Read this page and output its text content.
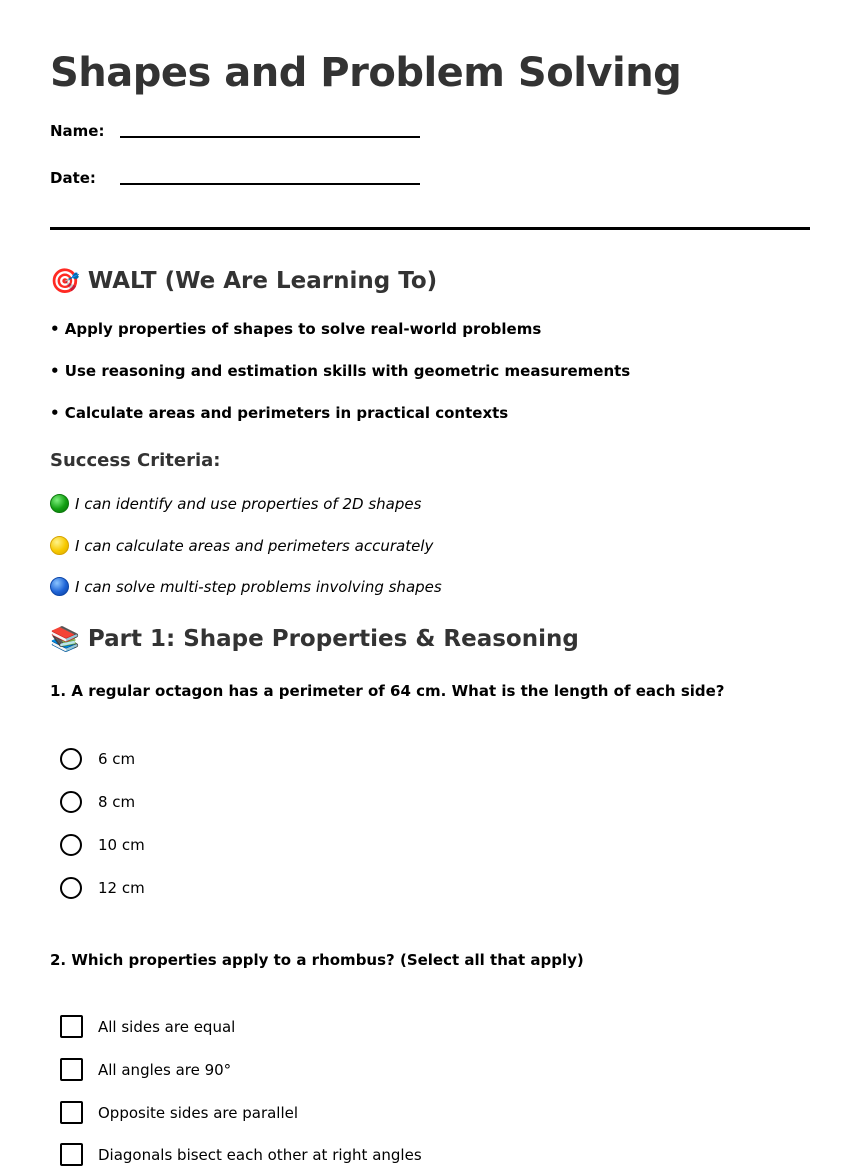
Shapes and Problem Solving
Name:
Date:
🎯 WALT (We Are Learning To)
• Apply properties of shapes to solve real-world problems
• Use reasoning and estimation skills with geometric measurements
• Calculate areas and perimeters in practical contexts
Success Criteria:
I can identify and use properties of 2D shapes
I can calculate areas and perimeters accurately
I can solve multi-step problems involving shapes
📚 Part 1: Shape Properties & Reasoning
1. A regular octagon has a perimeter of 64 cm. What is the length of each side?
6 cm
8 cm
10 cm
12 cm
2. Which properties apply to a rhombus? (Select all that apply)
All sides are equal
All angles are 90°
Opposite sides are parallel
Diagonals bisect each other at right angles
